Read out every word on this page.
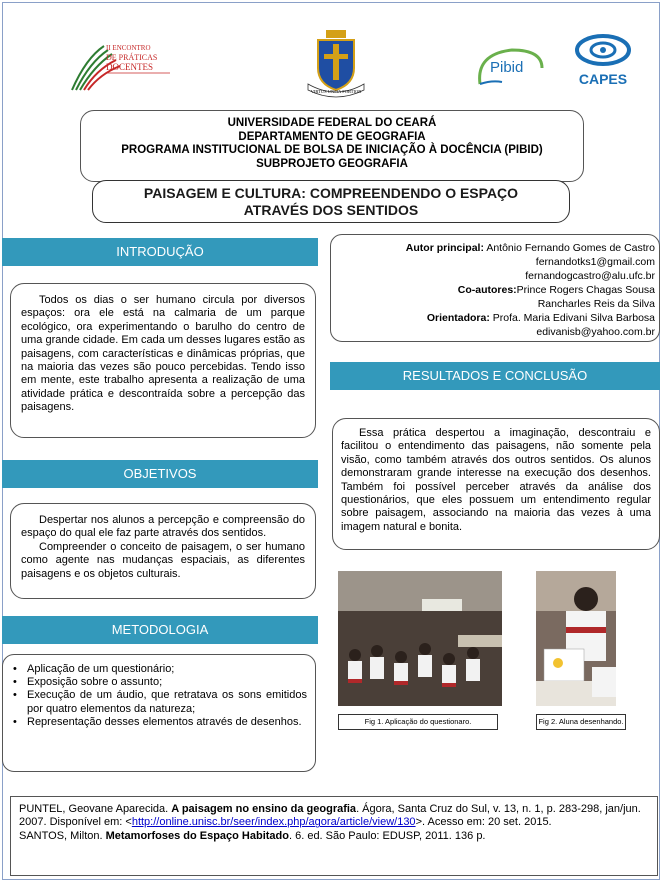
II ENCONTRO
DE PRÁTICAS
DOCENTES
VIRTUS UNITA FORTIOR
Pibid
CAPES
UNIVERSIDADE FEDERAL DO CEARÁ
DEPARTAMENTO DE GEOGRAFIA
PROGRAMA INSTITUCIONAL DE BOLSA DE INICIAÇÃO À DOCÊNCIA (PIBID)
SUBPROJETO GEOGRAFIA
PAISAGEM E CULTURA: COMPREENDENDO O ESPAÇO
ATRAVÉS DOS SENTIDOS
INTRODUÇÃO

Todos os dias o ser humano circula por diversos espaços: ora ele está na calmaria de um parque ecológico, ora experimentando o barulho do centro de uma grande cidade. Em cada um desses lugares estão as paisagens, com características e dinâmicas próprias, que na maioria das vezes são pouco percebidas. Tendo isso em mente, este trabalho apresenta a realização de uma atividade prática e descontraída sobre a percepção das paisagens.

OBJETIVOS

Despertar nos alunos a percepção e compreensão do espaço do qual ele faz parte através dos sentidos.

Compreender o conceito de paisagem, o ser humano como agente nas mudanças espaciais, as diferentes paisagens e os objetos culturais.

METODOLOGIA
• Aplicação de um questionário;
• Exposição sobre o assunto;
• Execução de um áudio, que retratava os sons emitidos por quatro elementos da natureza;
• Representação desses elementos através de desenhos.
Autor principal: Antônio Fernando Gomes de Castro
fernandotks1@gmail.com
fernandogcastro@alu.ufc.br
Co-autores:Prince Rogers Chagas Sousa
Rancharles Reis da Silva
Orientadora: Profa. Maria Edivani Silva Barbosa
edivanisb@yahoo.com.br
RESULTADOS E CONCLUSÃO

Essa prática despertou a imaginação, descontraiu e facilitou o entendimento das paisagens, não somente pela visão, como também através dos outros sentidos. Os alunos demonstraram grande interesse na execução dos desenhos. Também foi possível perceber através da análise dos questionários, que eles possuem um entendimento regular sobre paisagem, associando na maioria das vezes à uma imagem natural e bonita.

Fig 1. Aplicação do questionaro.	Fig 2. Aluna desenhando.

PUNTEL, Geovane Aparecida. A paisagem no ensino da geografia. Ágora, Santa Cruz do Sul, v. 13, n. 1, p. 283-298, jan/jun. 2007. Disponível em: <http://online.unisc.br/seer/index.php/agora/article/view/130>. Acesso em: 20 set. 2015.

SANTOS, Milton. Metamorfoses do Espaço Habitado. 6. ed. São Paulo: EDUSP, 2011. 136 p.
